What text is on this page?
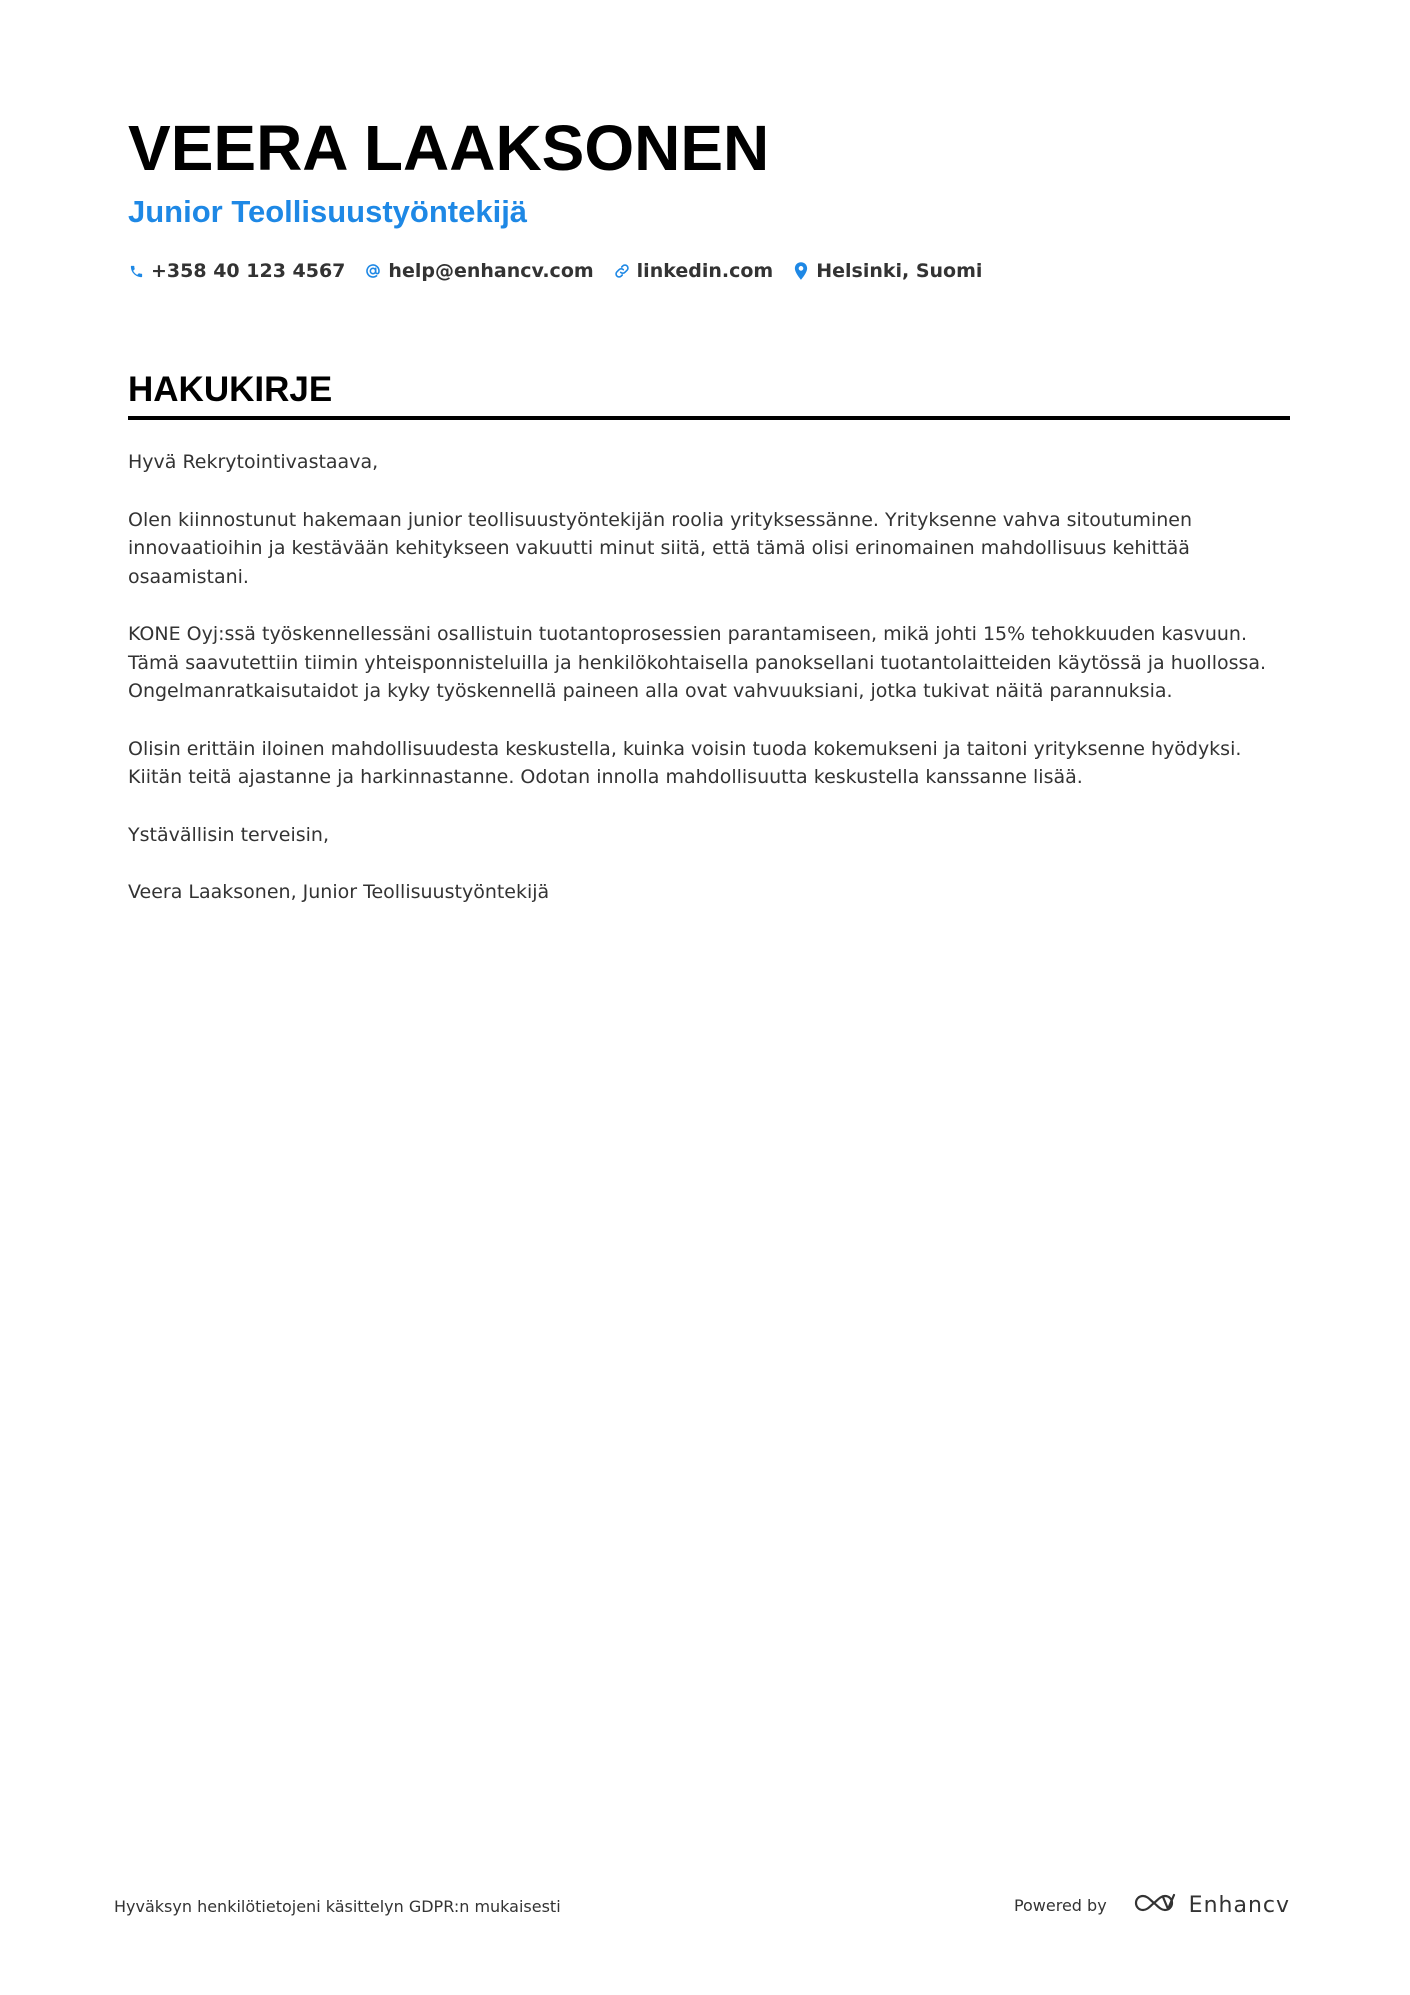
VEERA LAAKSONEN
Junior Teollisuustyöntekijä
+358 40 123 4567 help@enhancv.com linkedin.com Helsinki, Suomi
HAKUKIRJE

Hyvä Rekrytointivastaava,

Olen kiinnostunut hakemaan junior teollisuustyöntekijän roolia yrityksessänne. Yrityksenne vahva sitoutuminen innovaatioihin ja kestävään kehitykseen vakuutti minut siitä, että tämä olisi erinomainen mahdollisuus kehittää osaamistani.

KONE Oyj:ssä työskennellessäni osallistuin tuotantoprosessien parantamiseen, mikä johti 15% tehokkuuden kasvuun. Tämä saavutettiin tiimin yhteisponnisteluilla ja henkilökohtaisella panoksellani tuotantolaitteiden käytössä ja huollossa. Ongelmanratkaisutaidot ja kyky työskennellä paineen alla ovat vahvuuksiani, jotka tukivat näitä parannuksia.

Olisin erittäin iloinen mahdollisuudesta keskustella, kuinka voisin tuoda kokemukseni ja taitoni yrityksenne hyödyksi. Kiitän teitä ajastanne ja harkinnastanne. Odotan innolla mahdollisuutta keskustella kanssanne lisää.

Ystävällisin terveisin,

Veera Laaksonen, Junior Teollisuustyöntekijä

Hyväksyn henkilötietojeni käsittelyn GDPR:n mukaisesti	Powered by	Enhancv
